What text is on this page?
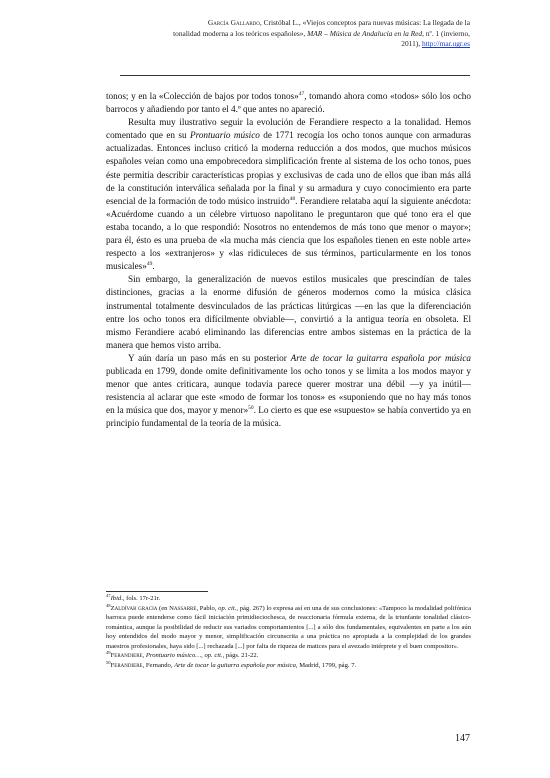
García Gallardo, Cristóbal L., «Viejos conceptos para nuevas músicas: La llegada de la
tonalidad moderna a los teóricos españoles», MAR – Música de Andalucía en la Red, nº. 1 (invierno,
2011), http://mar.ugr.es

tonos; y en la «Colección de bajos por todos tonos»$^{47}$, tomando ahora como «todos» sólo los ocho barrocos y añadiendo por tanto el 4.º que antes no apareció.

Resulta muy ilustrativo seguir la evolución de Ferandiere respecto a la tonalidad. Hemos comentado que en su Prontuario músico de 1771 recogía los ocho tonos aunque con armaduras actualizadas. Entonces incluso criticó la moderna reducción a dos modos, que muchos músicos españoles veían como una empobrecedora simplificación frente al sistema de los ocho tonos, pues éste permitía describir características propias y exclusivas de cada uno de ellos que iban más allá de la constitución interválica señalada por la final y su armadura y cuyo conocimiento era parte esencial de la formación de todo músico instruido$^{48}$. Ferandiere relataba aquí la siguiente anécdota: «Acuérdome cuando a un célebre virtuoso napolitano le preguntaron que qué tono era el que estaba tocando, a lo que respondió: Nosotros no entendemos de más tono que menor o mayor»; para él, ésto es una prueba de «la mucha más ciencia que los españoles tienen en este noble arte» respecto a los «extranjeros» y «las ridiculeces de sus términos, particularmente en los tonos musicales»$^{49}$.

Sin embargo, la generalización de nuevos estilos musicales que prescindían de tales distinciones, gracias a la enorme difusión de géneros modernos como la música clásica instrumental totalmente desvinculados de las prácticas litúrgicas —en las que la diferenciación entre los ocho tonos era difícilmente obviable—, convirtió a la antigua teoría en obsoleta. El mismo Ferandiere acabó eliminando las diferencias entre ambos sistemas en la práctica de la manera que hemos visto arriba.

Y aún daría un paso más en su posterior Arte de tocar la guitarra española por música publicada en 1799, donde omite definitivamente los ocho tonos y se limita a los modos mayor y menor que antes criticara, aunque todavía parece querer mostrar una débil —y ya inútil— resistencia al aclarar que este «modo de formar los tonos» es «suponiendo que no hay más tonos en la música que dos, mayor y menor»$^{50}$. Lo cierto es que ese «supuesto» se había convertido ya en principio fundamental de la teoría de la música.

$^{47}$Ibid., fols. 17r-21r.

$^{48}$Zaldívar gracia (en Nassarre, Pablo, op. cit., pág. 267) lo expresa así en una de sus conclusiones: «Tampoco la modalidad polifónica barroca puede entenderse como fácil iniciación primidieciochesca, de reaccionaria fórmula externa, de la triunfante tonalidad clásico-romántica, aunque la posibilidad de reducir sus variados comportamientos [...] a sólo dos fundamentales, equivalentes en parte a los aún hoy entendidos del modo mayor y menor, simplificación circunscrita a una práctica no apropiada a la complejidad de los grandes maestros profesionales, haya sido [...] rechazada [...] por falta de riqueza de matices para el avezado intérprete y el buen compositor».

$^{49}$Ferandiere, Prontuario músico…, op. cit., págs. 21-22.

$^{50}$Ferandiere, Fernando, Arte de tocar la guitarra española por música, Madrid, 1799, pág. 7.

147
